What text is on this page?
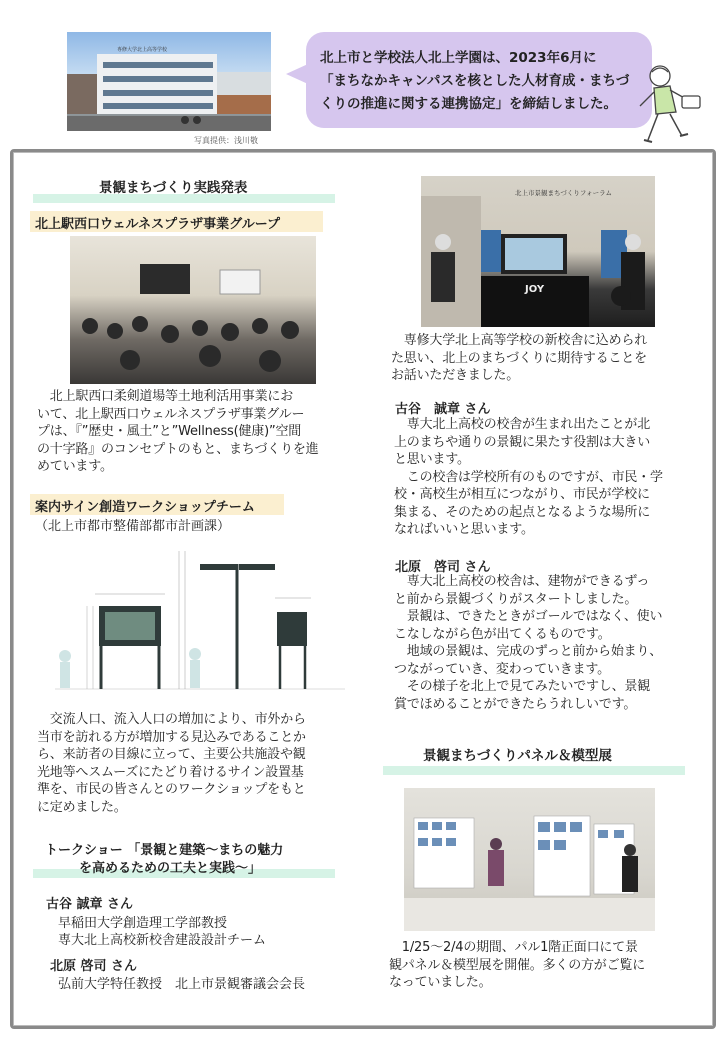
専修大学北上高等学校
写真提供：浅川敬
北上市と学校法人北上学園は、2023年6月に
「まちなかキャンパスを核とした人材育成・まちづ
くりの推進に関する連携協定」を締結しました。
景観まちづくり実践発表
北上駅西口ウェルネスプラザ事業グループ
　北上駅西口柔剣道場等土地利活用事業にお
いて、北上駅西口ウェルネスプラザ事業グルー
プは、『”歴史・風土”と”Wellness(健康)”空間
の十字路』のコンセプトのもと、まちづくりを進
めています。
案内サイン創造ワークショップチーム
（北上市都市整備部都市計画課）
　交流人口、流入人口の増加により、市外から
当市を訪れる方が増加する見込みであることか
ら、来訪者の目線に立って、主要公共施設や観
光地等へスムーズにたどり着けるサイン設置基
準を、市民の皆さんとのワークショップをもと
に定めました。
トークショー 「景観と建築～まちの魅力
を高めるための工夫と実践～」
古谷 誠章 さん
早稲田大学創造理工学部教授
専大北上高校新校舎建設設計チーム
北原 啓司 さん
弘前大学特任教授　北上市景観審議会会長
北上市景観まちづくりフォーラム
JOY
　専修大学北上高等学校の新校舎に込められ
た思い、北上のまちづくりに期待することを
お話いただきました。
古谷　誠章 さん
　専大北上高校の校舎が生まれ出たことが北
上のまちや通りの景観に果たす役割は大きい
と思います。
　この校舎は学校所有のものですが、市民・学
校・高校生が相互につながり、市民が学校に
集まる、そのための起点となるような場所に
なればいいと思います。
北原　啓司 さん
　専大北上高校の校舎は、建物ができるずっ
と前から景観づくりがスタートしました。
　景観は、できたときがゴールではなく、使い
こなしながら色が出てくるものです。
　地域の景観は、完成のずっと前から始まり、
つながっていき、変わっていきます。
　その様子を北上で見てみたいですし、景観
賞でほめることができたらうれしいです。
景観まちづくりパネル＆模型展
　1/25～2/4の期間、パル1階正面口にて景
観パネル＆模型展を開催。多くの方がご覧に
なっていました。
